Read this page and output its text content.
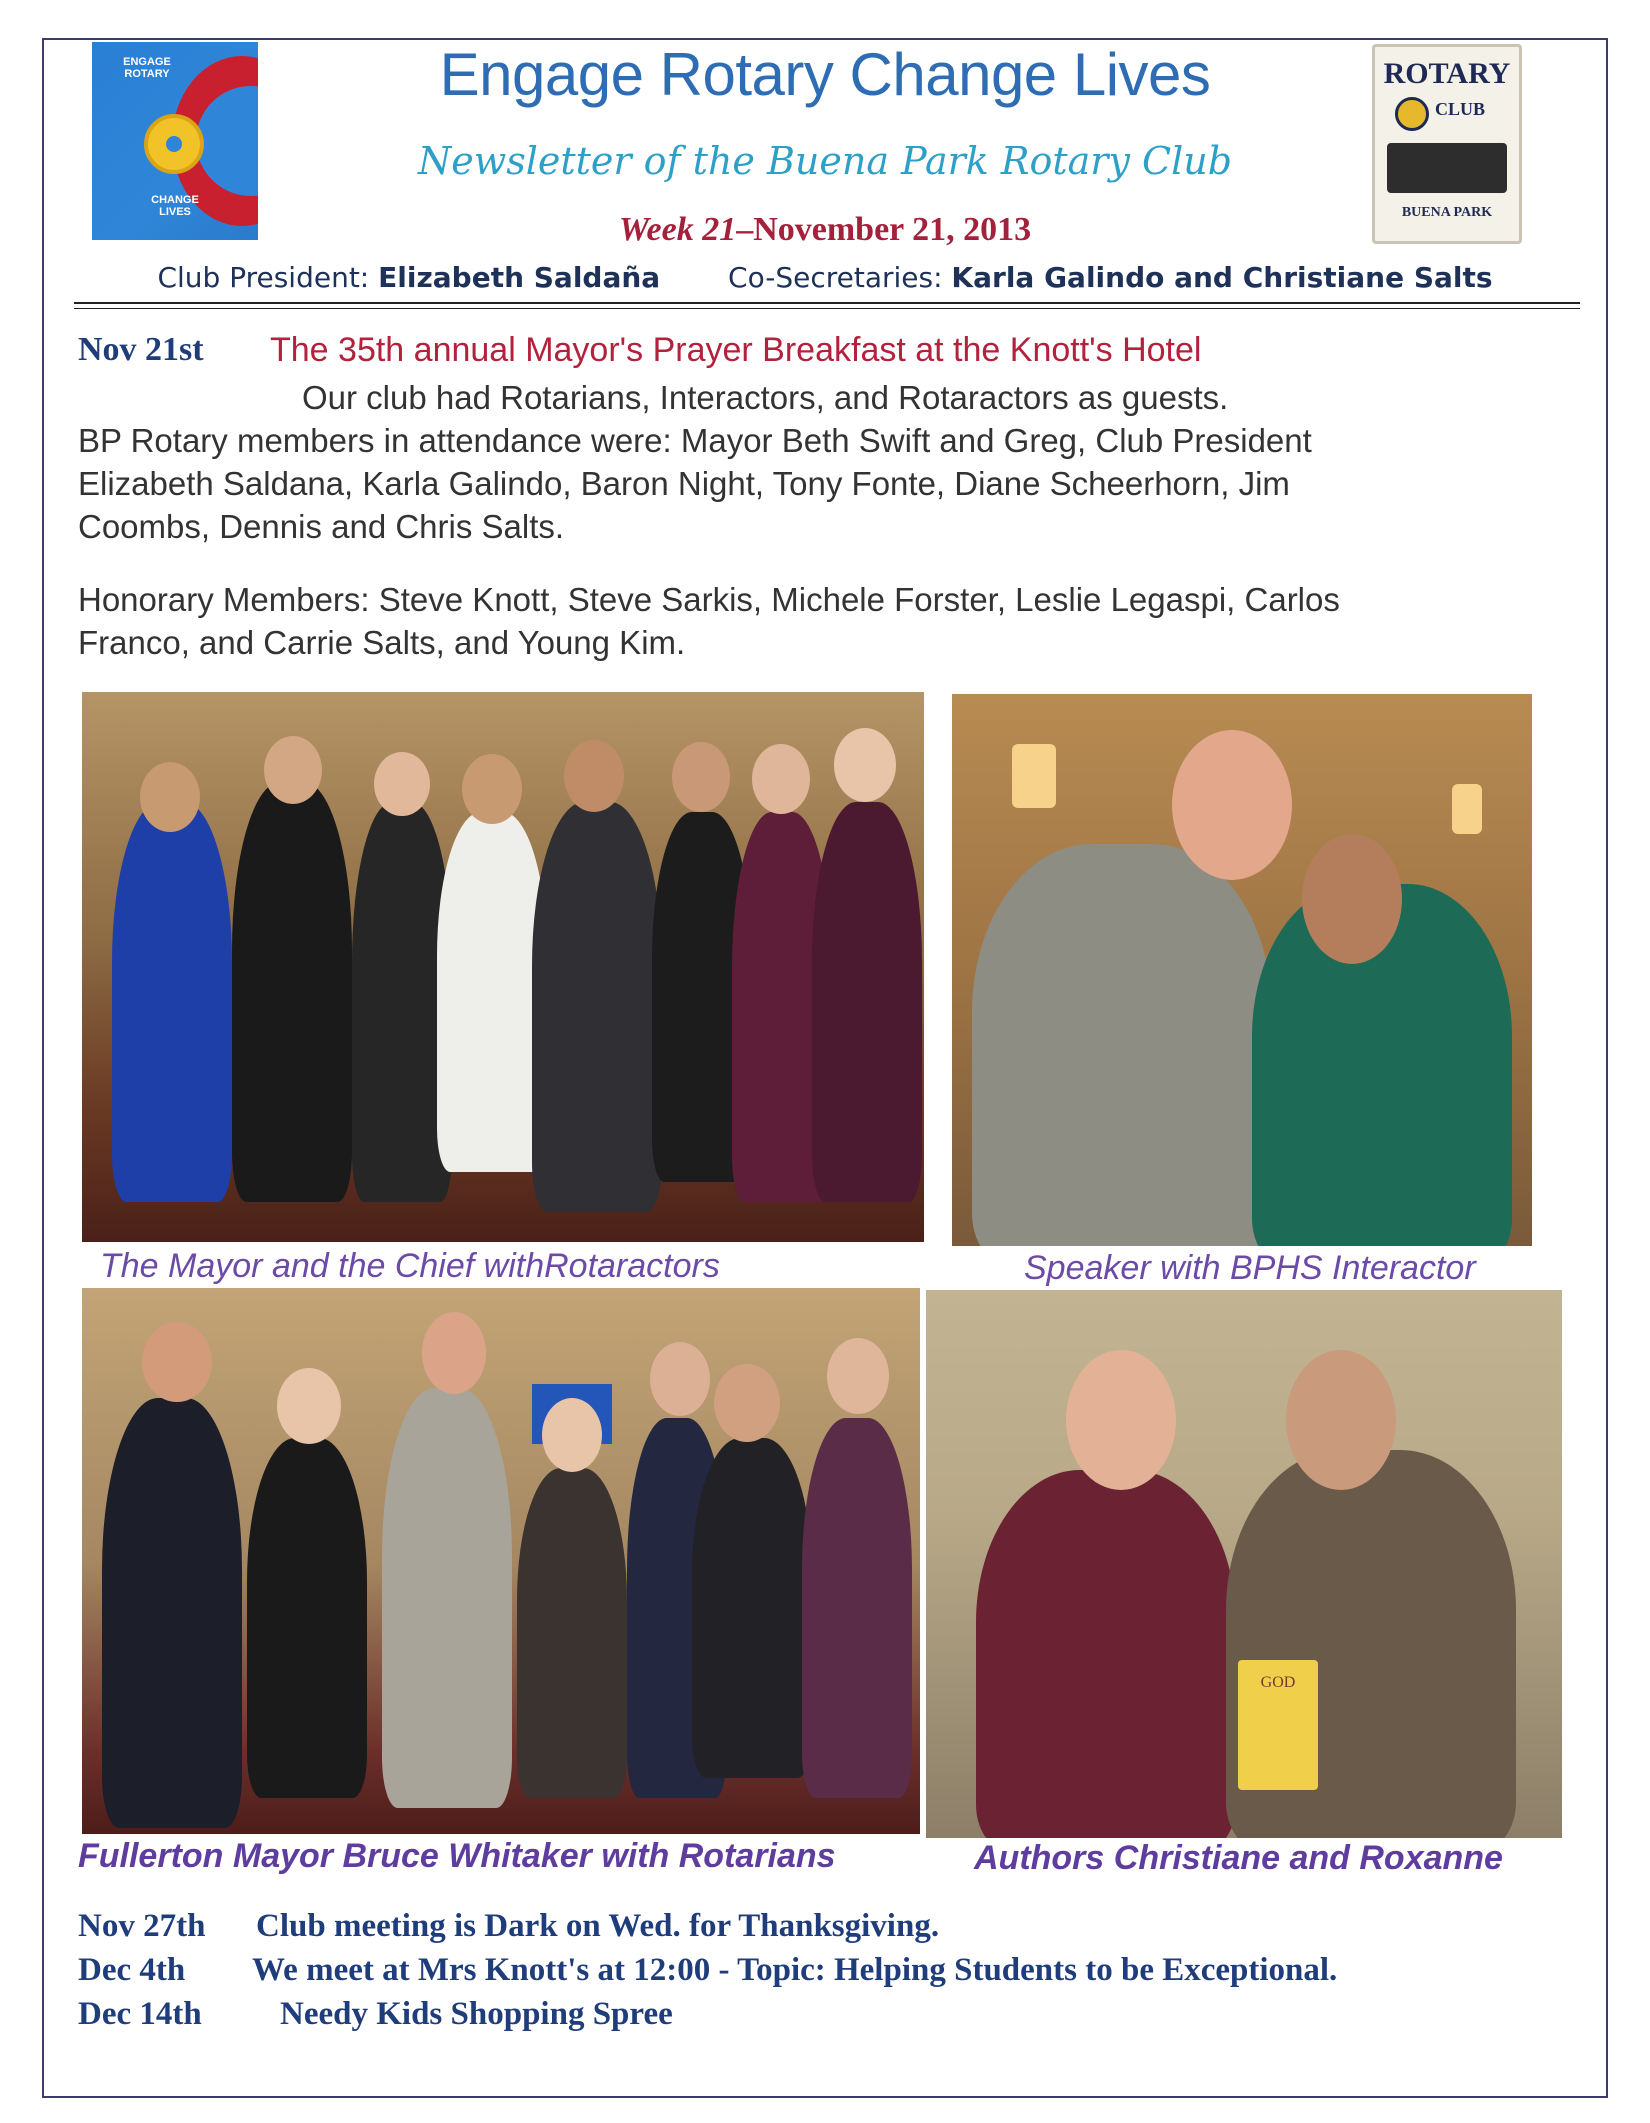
ENGAGE ROTARY
CHANGE LIVES
ROTARY
CLUB
BUENA PARK
Engage Rotary Change Lives
Newsletter of the Buena Park Rotary Club
Week 21–November 21, 2013
Club President: Elizabeth Saldaña Co-Secretaries: Karla Galindo and Christiane Salts
Nov 21st The 35th annual Mayor's Prayer Breakfast at the Knott's Hotel
Our club had Rotarians, Interactors, and Rotaractors as guests.
BP Rotary members in attendance were: Mayor Beth Swift and Greg, Club President
Elizabeth Saldana, Karla Galindo, Baron Night, Tony Fonte, Diane Scheerhorn, Jim
Coombs, Dennis and Chris Salts.
Honorary Members: Steve Knott, Steve Sarkis, Michele Forster, Leslie Legaspi, Carlos
Franco, and Carrie Salts, and Young Kim.
The Mayor and the Chief withRotaractors	Speaker with BPHS Interactor
GOD
Fullerton Mayor Bruce Whitaker with Rotarians	Authors Christiane and Roxanne
Nov 27th Club meeting is Dark on Wed. for Thanksgiving.
Dec 4th We meet at Mrs Knott's at 12:00 - Topic: Helping Students to be Exceptional.
Dec 14th Needy Kids Shopping Spree
